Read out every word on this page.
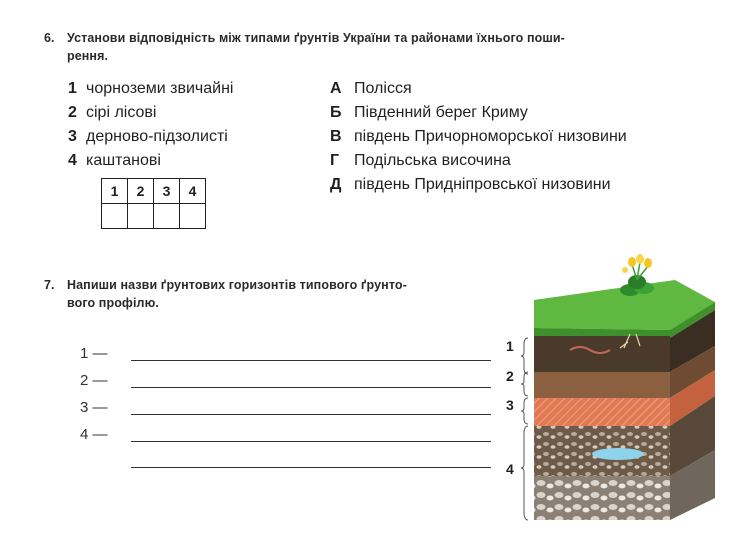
6. Установи відповідність між типами ґрунтів України та районами їхнього поши-
рення.
1 чорноземи звичайні
2 сірі лісові
3 дерново-підзолисті
4 каштанові
А Полісся
Б Південний берег Криму
В південь Причорноморської низовини
Г Подільська височина
Д південь Придніпровської низовини
1	2	3	4

7. Напиши назви ґрунтових горизонтів типового ґрунто-
вого профілю.
1 —
2 —
3 —
4 —
1
2
3
4
